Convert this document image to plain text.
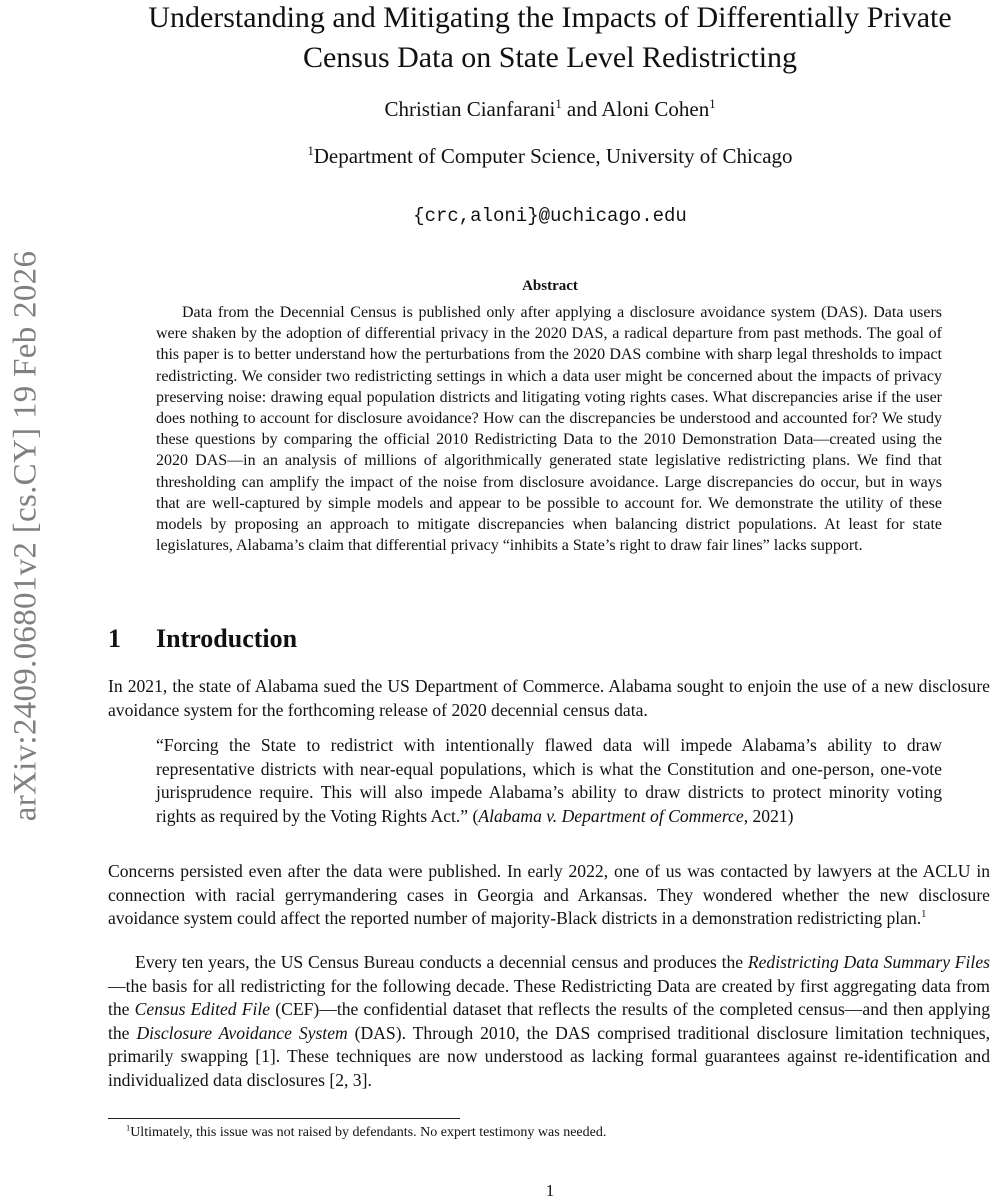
arXiv:2409.06801v2 [cs.CY] 19 Feb 2026
Understanding and Mitigating the Impacts of Differentially Private
Census Data on State Level Redistricting
Christian Cianfarani$^1$ and Aloni Cohen$^1$
$^1$Department of Computer Science, University of Chicago
{crc,aloni}@uchicago.edu
Abstract

Data from the Decennial Census is published only after applying a disclosure avoidance system (DAS). Data users were shaken by the adoption of differential privacy in the 2020 DAS, a radical departure from past methods. The goal of this paper is to better understand how the perturbations from the 2020 DAS combine with sharp legal thresholds to impact redistricting. We consider two redistricting settings in which a data user might be concerned about the impacts of privacy preserving noise: drawing equal population districts and litigating voting rights cases. What discrepancies arise if the user does nothing to account for disclosure avoidance? How can the discrepancies be understood and accounted for? We study these questions by comparing the official 2010 Redistricting Data to the 2010 Demonstration Data—created using the 2020 DAS—in an analysis of millions of algorithmically generated state legislative redistricting plans. We find that thresholding can amplify the impact of the noise from disclosure avoidance. Large discrepancies do occur, but in ways that are well-captured by simple models and appear to be possible to account for. We demonstrate the utility of these models by proposing an approach to mitigate discrepancies when balancing district populations. At least for state legislatures, Alabama’s claim that differential privacy “inhibits a State’s right to draw fair lines” lacks support.

1 Introduction

In 2021, the state of Alabama sued the US Department of Commerce. Alabama sought to enjoin the use of a new disclosure avoidance system for the forthcoming release of 2020 decennial census data.

“Forcing the State to redistrict with intentionally flawed data will impede Alabama’s ability to draw representative districts with near-equal populations, which is what the Constitution and one-person, one-vote jurisprudence require. This will also impede Alabama’s ability to draw districts to protect minority voting rights as required by the Voting Rights Act.” (Alabama v. Department of Commerce, 2021)

Concerns persisted even after the data were published. In early 2022, one of us was contacted by lawyers at the ACLU in connection with racial gerrymandering cases in Georgia and Arkansas. They wondered whether the new disclosure avoidance system could affect the reported number of majority-Black districts in a demonstration redistricting plan.$^1$

Every ten years, the US Census Bureau conducts a decennial census and produces the Redistricting Data Summary Files—the basis for all redistricting for the following decade. These Redistricting Data are created by first aggregating data from the Census Edited File (CEF)—the confidential dataset that reflects the results of the completed census—and then applying the Disclosure Avoidance System (DAS). Through 2010, the DAS comprised traditional disclosure limitation techniques, primarily swapping [1]. These techniques are now understood as lacking formal guarantees against re-identification and individualized data disclosures [2, 3].

$^1$Ultimately, this issue was not raised by defendants. No expert testimony was needed.

1
